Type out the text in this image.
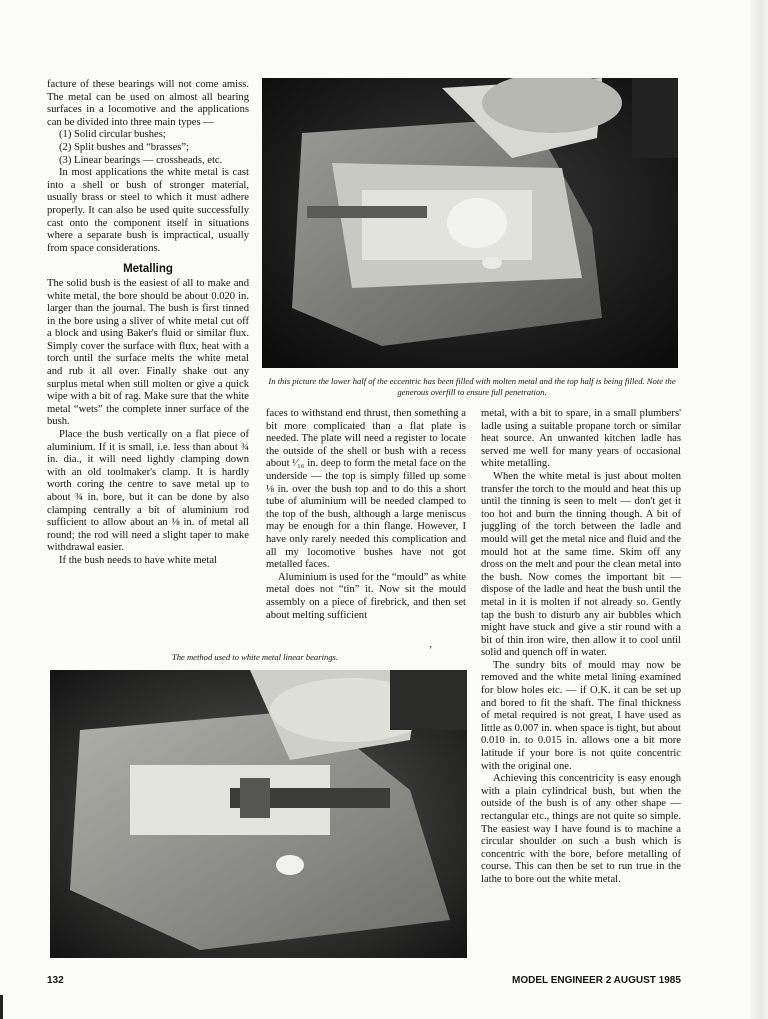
facture of these bearings will not come amiss. The metal can be used on almost all bearing surfaces in a locomotive and the applications can be divided into three main types —

(1) Solid circular bushes;
(2) Split bushes and “brasses”;
(3) Linear bearings — crossheads, etc.

In most applications the white metal is cast into a shell or bush of stronger material, usually brass or steel to which it must adhere properly. It can also be used quite successfully cast onto the component itself in situations where a separate bush is impractical, usually from space considerations.

Metalling

The solid bush is the easiest of all to make and white metal, the bore should be about 0.020 in. larger than the journal. The bush is first tinned in the bore using a sliver of white metal cut off a block and using Baker's fluid or similar flux. Simply cover the surface with flux, heat with a torch until the surface melts the white metal and rub it all over. Finally shake out any surplus metal when still molten or give a quick wipe with a bit of rag. Make sure that the white metal “wets” the complete inner surface of the bush.

Place the bush vertically on a flat piece of aluminium. If it is small, i.e. less than about ¾ in. dia., it will need lightly clamping down with an old toolmaker's clamp. It is hardly worth coring the centre to save metal up to about ¾ in. bore, but it can be done by also clamping centrally a bit of aluminium rod sufficient to allow about an ⅛ in. of metal all round; the rod will need a slight taper to make withdrawal easier.

If the bush needs to have white metal

In this picture the lower half of the eccentric has been filled with molten metal and the top half is being filled. Note the generous overfill to ensure full penetration.

faces to withstand end thrust, then something a bit more complicated than a flat plate is needed. The plate will need a register to locate the outside of the shell or bush with a recess about ¹⁄₁₆ in. deep to form the metal face on the underside — the top is simply filled up some ⅛ in. over the bush top and to do this a short tube of aluminium will be needed clamped to the top of the bush, although a large meniscus may be enough for a thin flange. However, I have only rarely needed this complication and all my locomotive bushes have not got metalled faces.

Aluminium is used for the “mould” as white metal does not “tin” it. Now sit the mould assembly on a piece of firebrick, and then set about melting sufficient

metal, with a bit to spare, in a small plumbers' ladle using a suitable propane torch or similar heat source. An unwanted kitchen ladle has served me well for many years of occasional white metalling.

When the white metal is just about molten transfer the torch to the mould and heat this up until the tinning is seen to melt — don't get it too hot and burn the tinning though. A bit of juggling of the torch between the ladle and mould will get the metal nice and fluid and the mould hot at the same time. Skim off any dross on the melt and pour the clean metal into the bush. Now comes the important bit — dispose of the ladle and heat the bush until the metal in it is molten if not already so. Gently tap the bush to disturb any air bubbles which might have stuck and give a stir round with a bit of thin iron wire, then allow it to cool until solid and quench off in water.

The sundry bits of mould may now be removed and the white metal lining examined for blow holes etc. — if O.K. it can be set up and bored to fit the shaft. The final thickness of metal required is not great, I have used as little as 0.007 in. when space is tight, but about 0.010 in. to 0.015 in. allows one a bit more latitude if your bore is not quite concentric with the original one.

Achieving this concentricity is easy enough with a plain cylindrical bush, but when the outside of the bush is of any other shape — rectangular etc., things are not quite so simple. The easiest way I have found is to machine a circular shoulder on such a bush which is concentric with the bore, before metalling of course. This can then be set to run true in the lathe to bore out the white metal.

’
The method used to white metal linear bearings.
132	MODEL ENGINEER 2 AUGUST 1985
